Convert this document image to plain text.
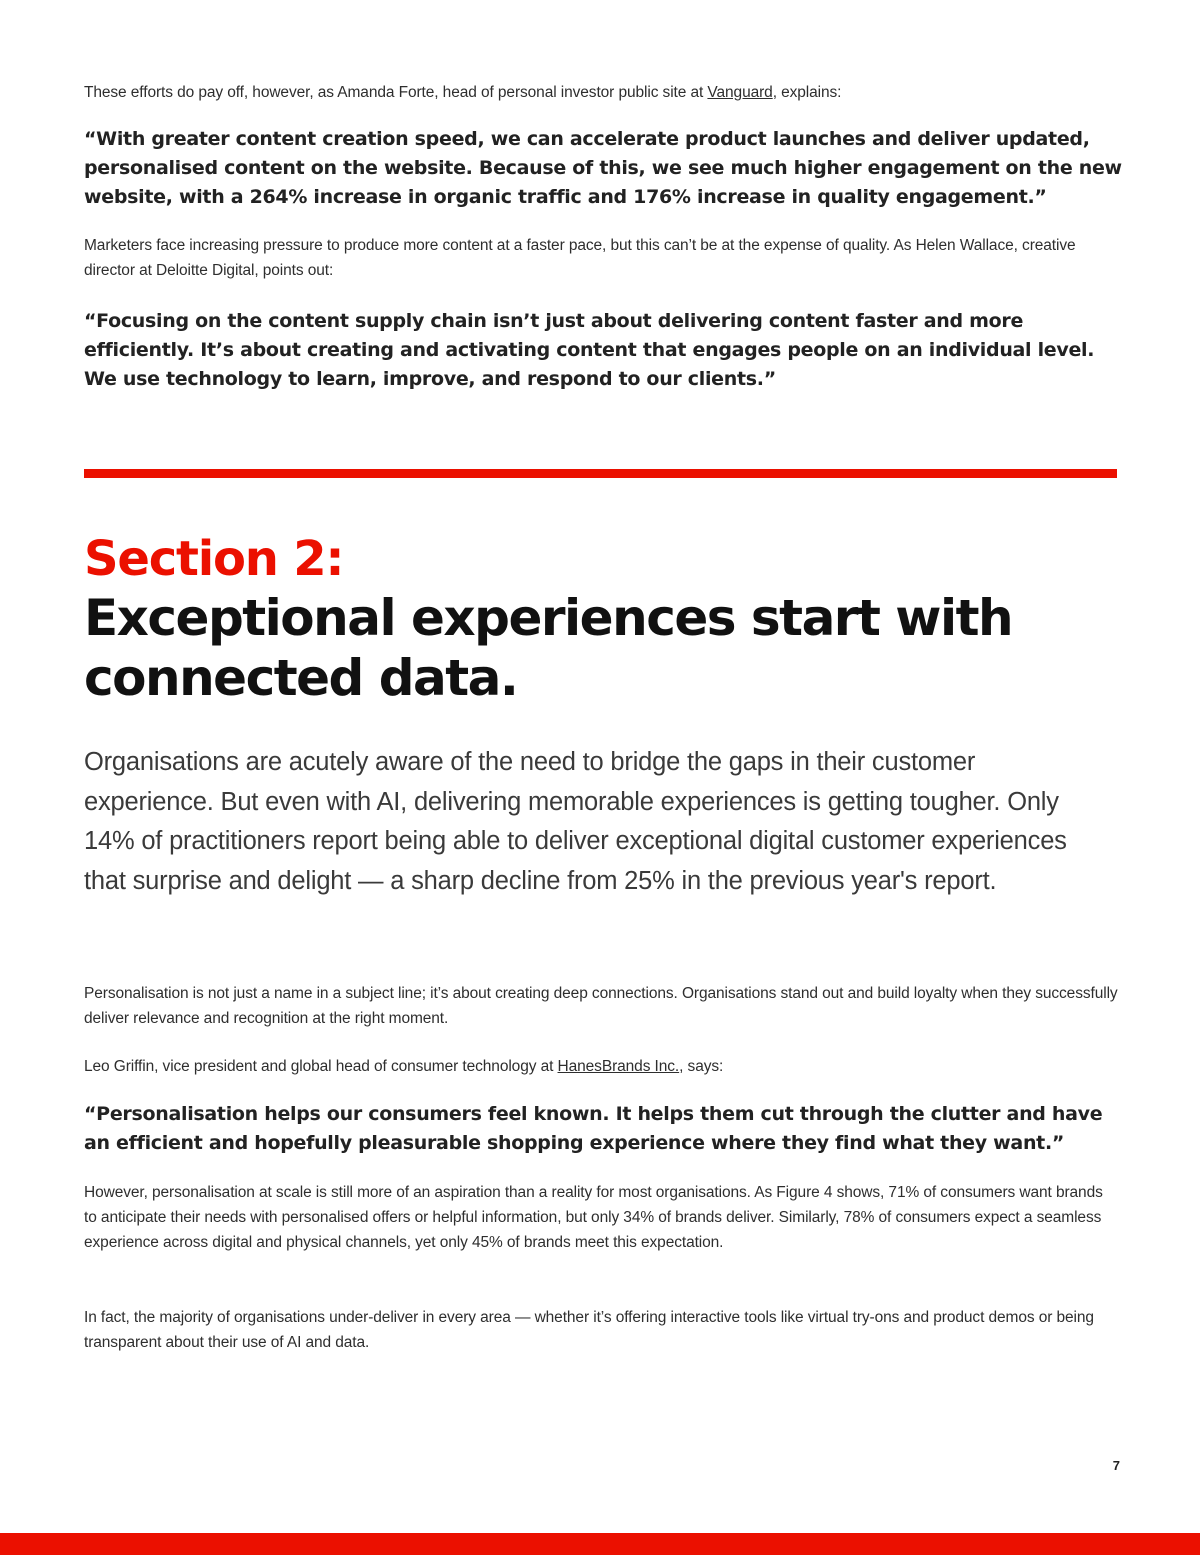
These efforts do pay off, however, as Amanda Forte, head of personal investor public site at Vanguard, explains:

“With greater content creation speed, we can accelerate product launches and deliver updated, personalised content on the website. Because of this, we see much higher engagement on the new website, with a 264% increase in organic traffic and 176% increase in quality engagement.”

Marketers face increasing pressure to produce more content at a faster pace, but this can’t be at the expense of quality. As Helen Wallace, creative director at Deloitte Digital, points out:

“Focusing on the content supply chain isn’t just about delivering content faster and more efficiently. It’s about creating and activating content that engages people on an individual level. We use technology to learn, improve, and respond to our clients.”

Section 2:
Exceptional experiences start with connected data.

Organisations are acutely aware of the need to bridge the gaps in their customer experience. But even with AI, delivering memorable experiences is getting tougher. Only 14% of practitioners report being able to deliver exceptional digital customer experiences that surprise and delight — a sharp decline from 25% in the previous year's report.

Personalisation is not just a name in a subject line; it’s about creating deep connections. Organisations stand out and build loyalty when they successfully deliver relevance and recognition at the right moment.

Leo Griffin, vice president and global head of consumer technology at HanesBrands Inc., says:

“Personalisation helps our consumers feel known. It helps them cut through the clutter and have an efficient and hopefully pleasurable shopping experience where they find what they want.”

However, personalisation at scale is still more of an aspiration than a reality for most organisations. As Figure 4 shows, 71% of consumers want brands to anticipate their needs with personalised offers or helpful information, but only 34% of brands deliver. Similarly, 78% of consumers expect a seamless experience across digital and physical channels, yet only 45% of brands meet this expectation.

In fact, the majority of organisations under-deliver in every area — whether it’s offering interactive tools like virtual try-ons and product demos or being transparent about their use of AI and data.

7
